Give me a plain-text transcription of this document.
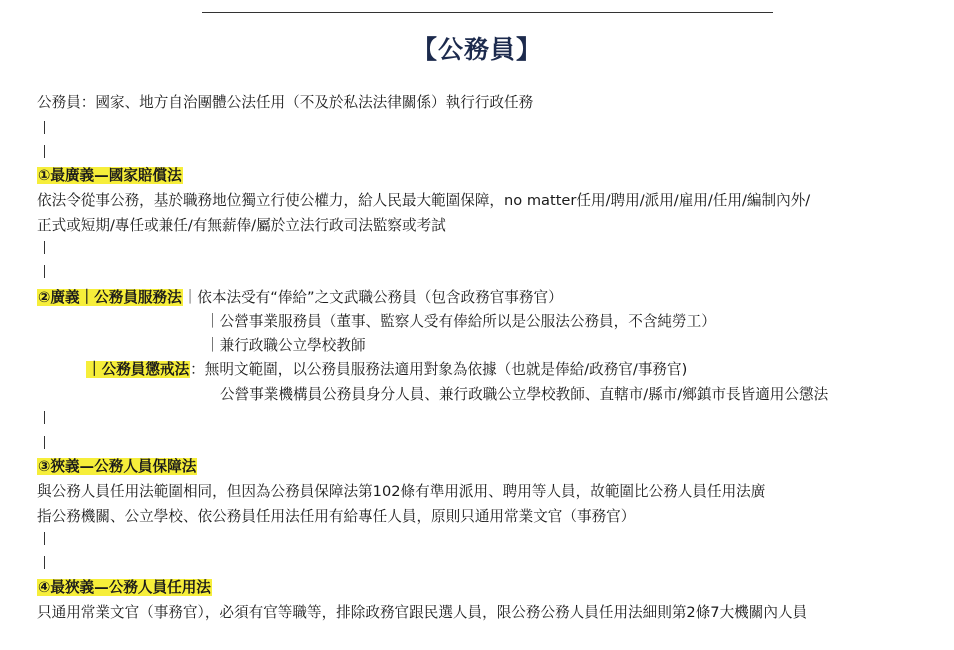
【公務員】
公務員：國家、地方自治團體公法任用（不及於私法法律關係）執行行政任務
①最廣義—國家賠償法
依法令從事公務，基於職務地位獨立行使公權力，給人民最大範圍保障，no matter任用/聘用/派用/雇用/任用/編制內外/
正式或短期/專任或兼任/有無薪俸/屬於立法行政司法監察或考試
②廣義｜公務員服務法｜依本法受有“俸給”之文武職公務員（包含政務官事務官）
｜公營事業服務員（董事、監察人受有俸給所以是公服法公務員，不含純勞工）
｜兼行政職公立學校教師
｜公務員懲戒法：無明文範圍，以公務員服務法適用對象為依據（也就是俸給/政務官/事務官)
公營事業機構員公務員身分人員、兼行政職公立學校教師、直轄市/縣市/鄉鎮市長皆適用公懲法
③狹義—公務人員保障法
與公務人員任用法範圍相同，但因為公務員保障法第102條有準用派用、聘用等人員，故範圍比公務人員任用法廣
指公務機關、公立學校、依公務員任用法任用有給專任人員，原則只通用常業文官（事務官）
④最狹義—公務人員任用法
只通用常業文官（事務官），必須有官等職等，排除政務官跟民選人員，限公務公務人員任用法細則第2條7大機關內人員
